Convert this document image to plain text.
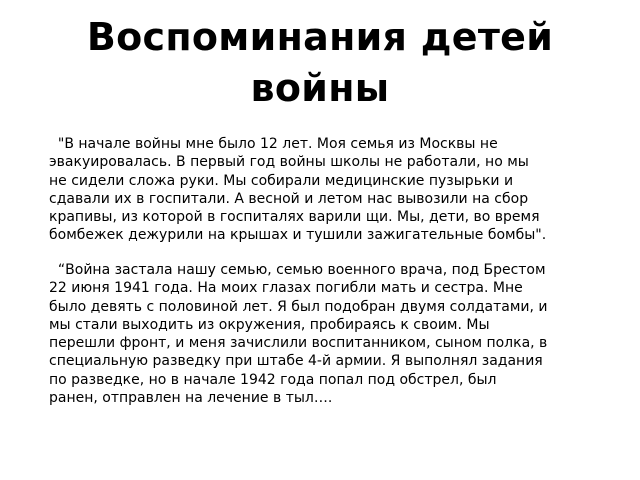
Воспоминания детей
войны
"В начале войны мне было 12 лет. Моя семья из Москвы не
эвакуировалась. В первый год войны школы не работали, но мы
не сидели сложа руки. Мы собирали медицинские пузырьки и
сдавали их в госпитали. А весной и летом нас вывозили на сбор
крапивы, из которой в госпиталях варили щи. Мы, дети, во время
бомбежек дежурили на крышах и тушили зажигательные бомбы".
“Война застала нашу семью, семью военного врача, под Брестом
22 июня 1941 года. На моих глазах погибли мать и сестра. Мне
было девять с половиной лет. Я был подобран двумя солдатами, и
мы стали выходить из окружения, пробираясь к своим. Мы
перешли фронт, и меня зачислили воспитанником, сыном полка, в
специальную разведку при штабе 4-й армии. Я выполнял задания
по разведке, но в начале 1942 года попал под обстрел, был
ранен, отправлен на лечение в тыл….
